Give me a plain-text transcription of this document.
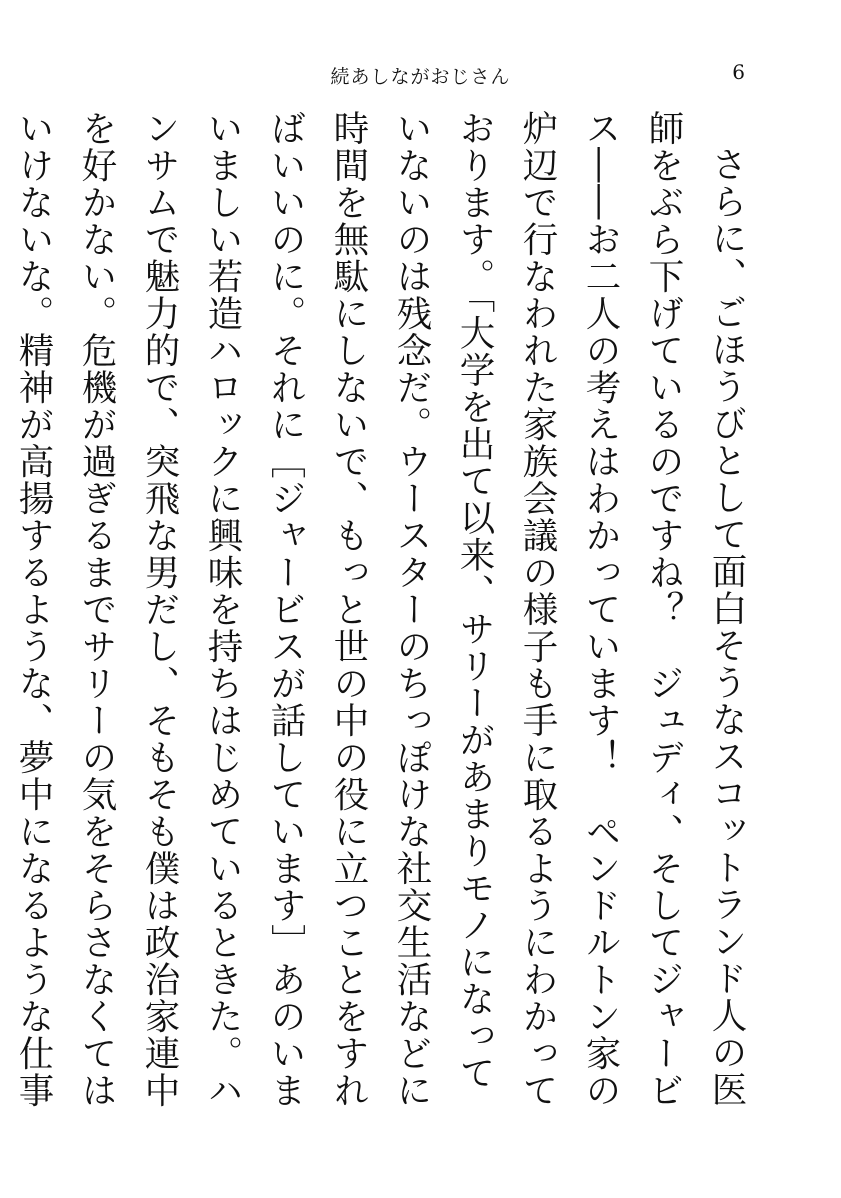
続あしながおじさん	6

さらに、ごほうびとして面白そうなスコットランド人の医師をぶら下げているのですね？　ジュディ、そしてジャービス――お二人の考えはわかっています！　ペンドルトン家の炉辺で行なわれた家族会議の様子も手に取るようにわかっております。「大学を出て以来、サリーがあまりモノになっていないのは残念だ。ウースターのちっぽけな社交生活などに時間を無駄にしないで、もっと世の中の役に立つことをすればいいのに。それに［ジャービスが話しています］あのいまいましい若造ハロックに興味を持ちはじめているときた。ハンサムで魅力的で、突飛な男だし、そもそも僕は政治家連中を好かない。危機が過ぎるまでサリーの気をそらさなくてはいけないな。精神が高揚するような、夢中になるような仕事　　
